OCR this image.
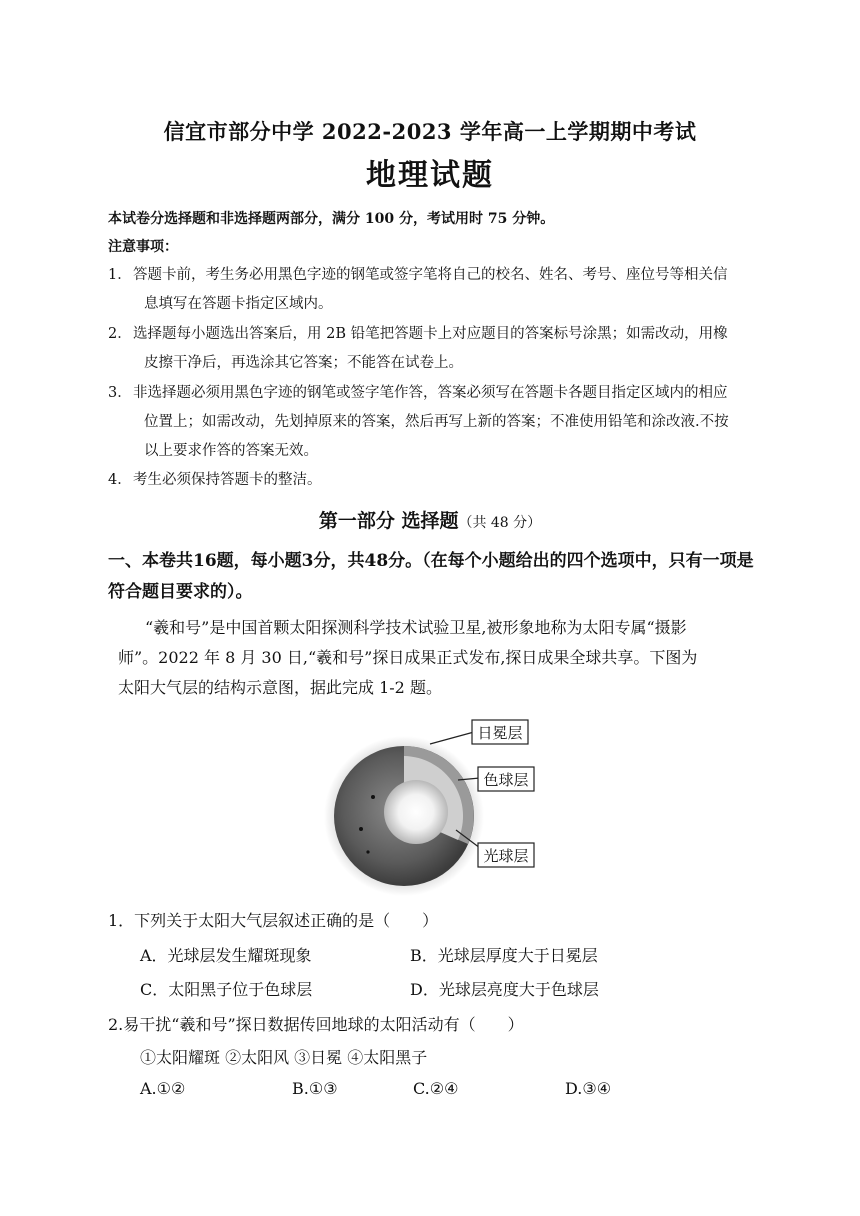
信宜市部分中学 2022-2023 学年高一上学期期中考试
地理试题
本试卷分选择题和非选择题两部分，满分 100 分，考试用时 75 分钟。
注意事项：
1． 答题卡前，考生务必用黑色字迹的钢笔或签字笔将自己的校名、姓名、考号、座位号等相关信
息填写在答题卡指定区域内。
2． 选择题每小题选出答案后，用 2B 铅笔把答题卡上对应题目的答案标号涂黑；如需改动，用橡
皮擦干净后，再选涂其它答案；不能答在试卷上。
3． 非选择题必须用黑色字迹的钢笔或签字笔作答，答案必须写在答题卡各题目指定区域内的相应
位置上；如需改动，先划掉原来的答案，然后再写上新的答案；不准使用铅笔和涂改液.不按
以上要求作答的答案无效。
4． 考生必须保持答题卡的整洁。
第一部分 选择题（共 48 分）
一、本卷共16题，每小题3分，共48分。（在每个小题给出的四个选项中，只有一项是符合题目要求的）。
“羲和号”是中国首颗太阳探测科学技术试验卫星,被形象地称为太阳专属“摄影
师”。2022 年 8 月 30 日,“羲和号”探日成果正式发布,探日成果全球共享。下图为
太阳大气层的结构示意图，据此完成 1-2 题。
日冕层
色球层
光球层
1．下列关于太阳大气层叙述正确的是（　　）
A．光球层发生耀斑现象	B．光球层厚度大于日冕层
C．太阳黑子位于色球层	D．光球层亮度大于色球层
2.易干扰“羲和号”探日数据传回地球的太阳活动有（　　）
①太阳耀斑 ②太阳风 ③日冕 ④太阳黑子
A.①②	B.①③	C.②④	D.③④
